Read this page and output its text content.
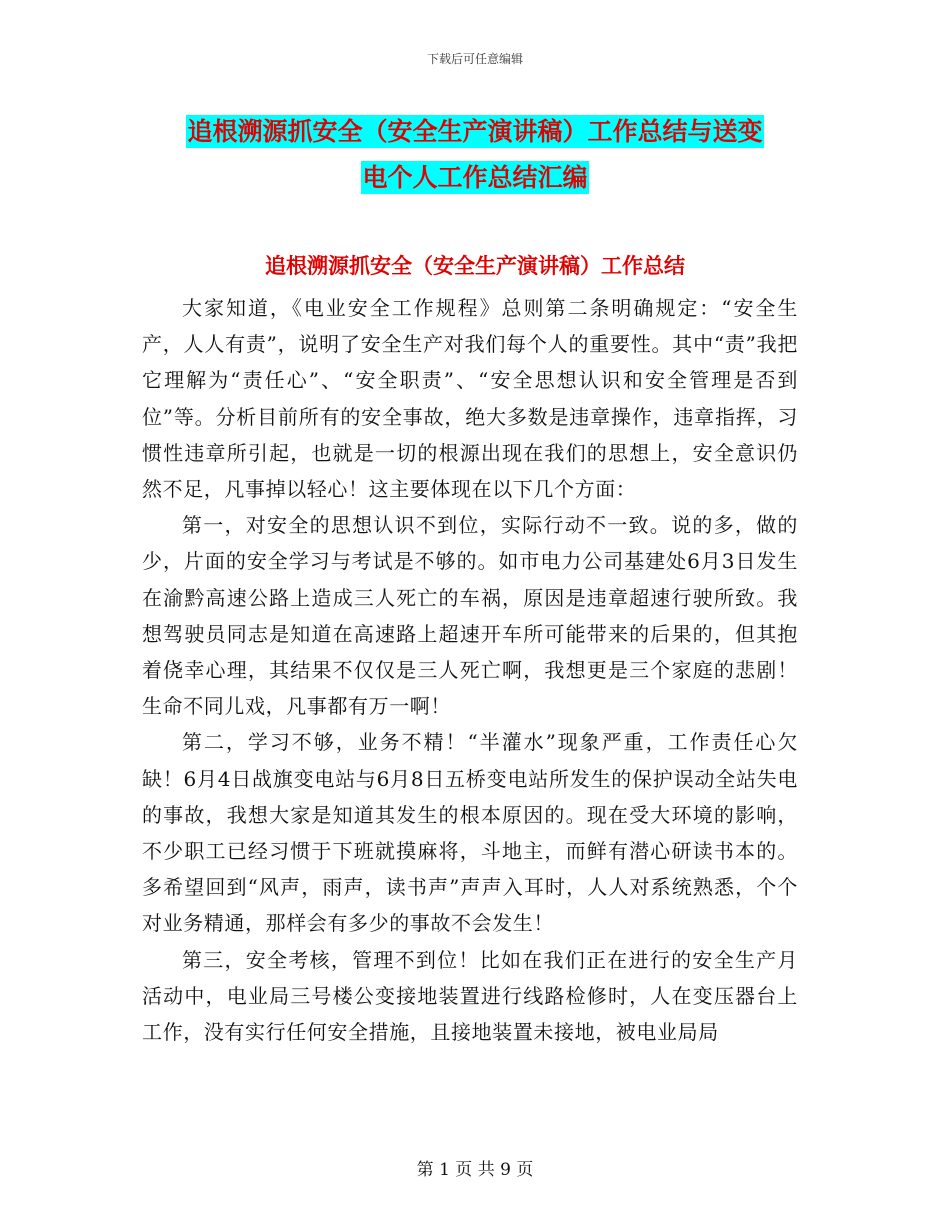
下载后可任意编辑
追根溯源抓安全（安全生产演讲稿）工作总结与送变
电个人工作总结汇编
追根溯源抓安全（安全生产演讲稿）工作总结

大家知道，《电业安全工作规程》总则第二条明确规定：“安全生产，人人有责”，说明了安全生产对我们每个人的重要性。其中“责”我把它理解为“责任心”、“安全职责”、“安全思想认识和安全管理是否到位”等。分析目前所有的安全事故，绝大多数是违章操作，违章指挥，习惯性违章所引起，也就是一切的根源出现在我们的思想上，安全意识仍然不足，凡事掉以轻心！这主要体现在以下几个方面：

第一，对安全的思想认识不到位，实际行动不一致。说的多，做的少，片面的安全学习与考试是不够的。如市电力公司基建处6月3日发生在渝黔高速公路上造成三人死亡的车祸，原因是违章超速行驶所致。我想驾驶员同志是知道在高速路上超速开车所可能带来的后果的，但其抱着侥幸心理，其结果不仅仅是三人死亡啊，我想更是三个家庭的悲剧！生命不同儿戏，凡事都有万一啊！

第二，学习不够，业务不精！“半灌水”现象严重，工作责任心欠缺！6月4日战旗变电站与6月8日五桥变电站所发生的保护误动全站失电的事故，我想大家是知道其发生的根本原因的。现在受大环境的影响，不少职工已经习惯于下班就摸麻将，斗地主，而鲜有潜心研读书本的。多希望回到“风声，雨声，读书声”声声入耳时，人人对系统熟悉，个个对业务精通，那样会有多少的事故不会发生！

第三，安全考核，管理不到位！比如在我们正在进行的安全生产月活动中，电业局三号楼公变接地装置进行线路检修时，人在变压器台上工作，没有实行任何安全措施，且接地装置未接地，被电业局局

第 1 页 共 9 页
